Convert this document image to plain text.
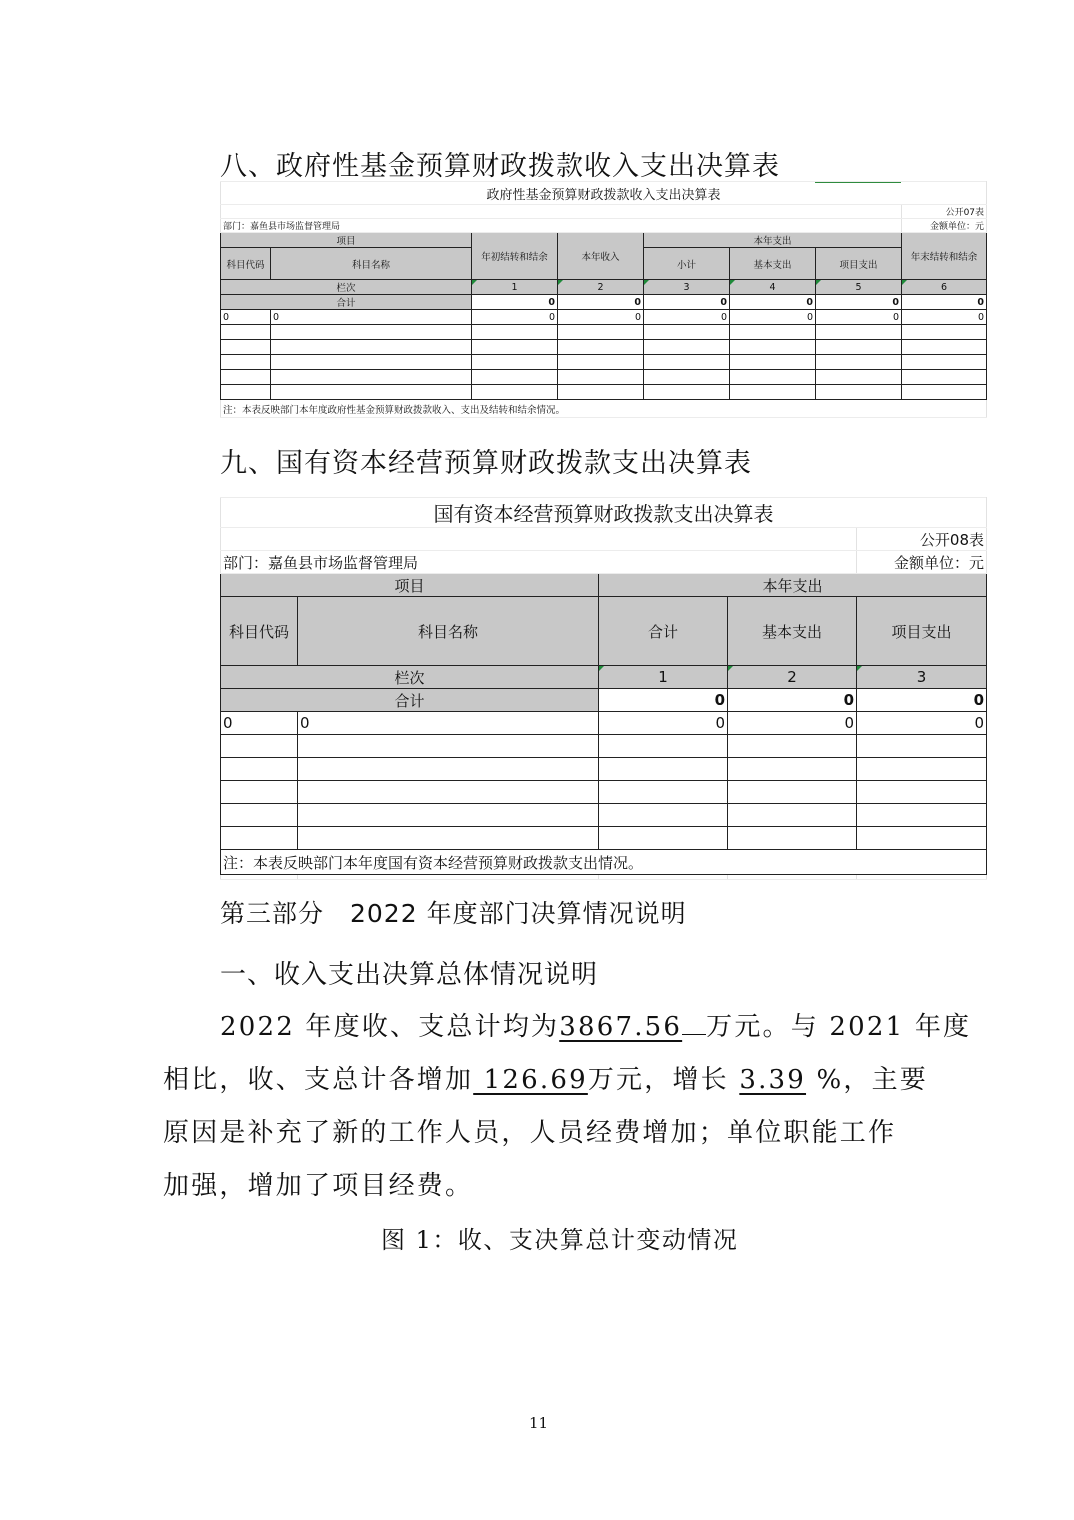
八、政府性基金预算财政拨款收入支出决算表
政府性基金预算财政拨款收入支出决算表							
							公开07表
部门：嘉鱼县市场监督管理局							金额单位：元
项目		年初结转和结余	本年收入	本年支出			年末结转和结余
科目代码	科目名称			小计	基本支出	项目支出	
栏次		1	2	3	4	5	6
合计		0	0	0	0	0	0
0	0	0	0	0	0	0	0

注：本表反映部门本年度政府性基金预算财政拨款收入、支出及结转和结余情况。							
九、国有资本经营预算财政拨款支出决算表
国有资本经营预算财政拨款支出决算表				
				公开08表
部门：嘉鱼县市场监督管理局				金额单位：元
项目		本年支出		
科目代码	科目名称	合计	基本支出	项目支出
栏次		1	2	3
合计		0	0	0
0	0	0	0	0

注：本表反映部门本年度国有资本经营预算财政拨款支出情况。				

第三部分　2022 年度部门决算情况说明
一、收入支出决算总体情况说明
2022 年度收、支总计均为3867.56 万元。与 2021 年度
相比，收、支总计各增加 126.69万元，增长 3.39 %，主要
原因是补充了新的工作人员，人员经费增加；单位职能工作
加强，增加了项目经费。
图 1：收、支决算总计变动情况
11
